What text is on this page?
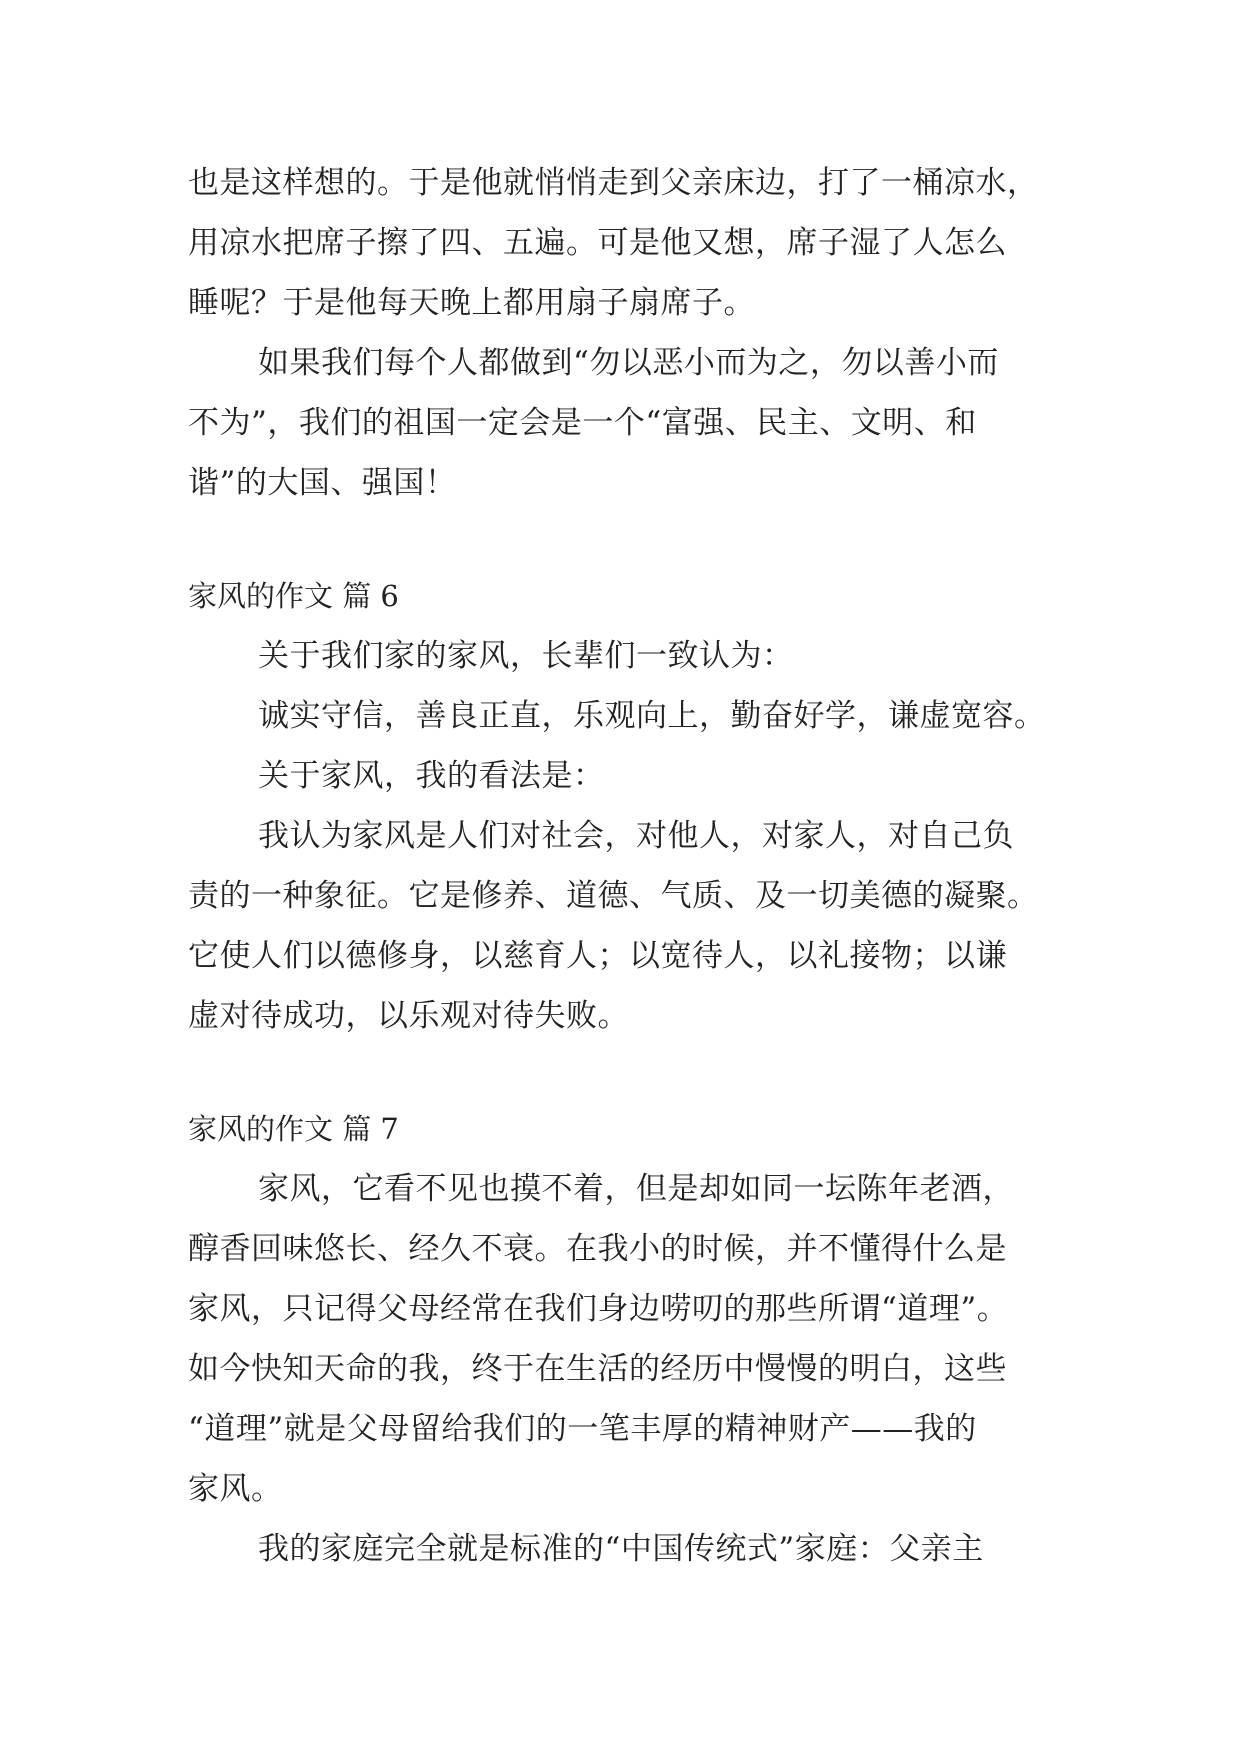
也是这样想的。于是他就悄悄走到父亲床边，打了一桶凉水，
用凉水把席子擦了四、五遍。可是他又想，席子湿了人怎么
睡呢？于是他每天晚上都用扇子扇席子。
如果我们每个人都做到“勿以恶小而为之，勿以善小而
不为”，我们的祖国一定会是一个“富强、民主、文明、和
谐”的大国、强国！
家风的作文 篇 6
关于我们家的家风，长辈们一致认为：
诚实守信，善良正直，乐观向上，勤奋好学，谦虚宽容。
关于家风，我的看法是：
我认为家风是人们对社会，对他人，对家人，对自己负
责的一种象征。它是修养、道德、气质、及一切美德的凝聚。
它使人们以德修身，以慈育人；以宽待人，以礼接物；以谦
虚对待成功，以乐观对待失败。
家风的作文 篇 7
家风，它看不见也摸不着，但是却如同一坛陈年老酒，
醇香回味悠长、经久不衰。在我小的时候，并不懂得什么是
家风，只记得父母经常在我们身边唠叨的那些所谓“道理”。
如今快知天命的我，终于在生活的经历中慢慢的明白，这些
“道理”就是父母留给我们的一笔丰厚的精神财产——我的
家风。
我的家庭完全就是标准的“中国传统式”家庭：父亲主
